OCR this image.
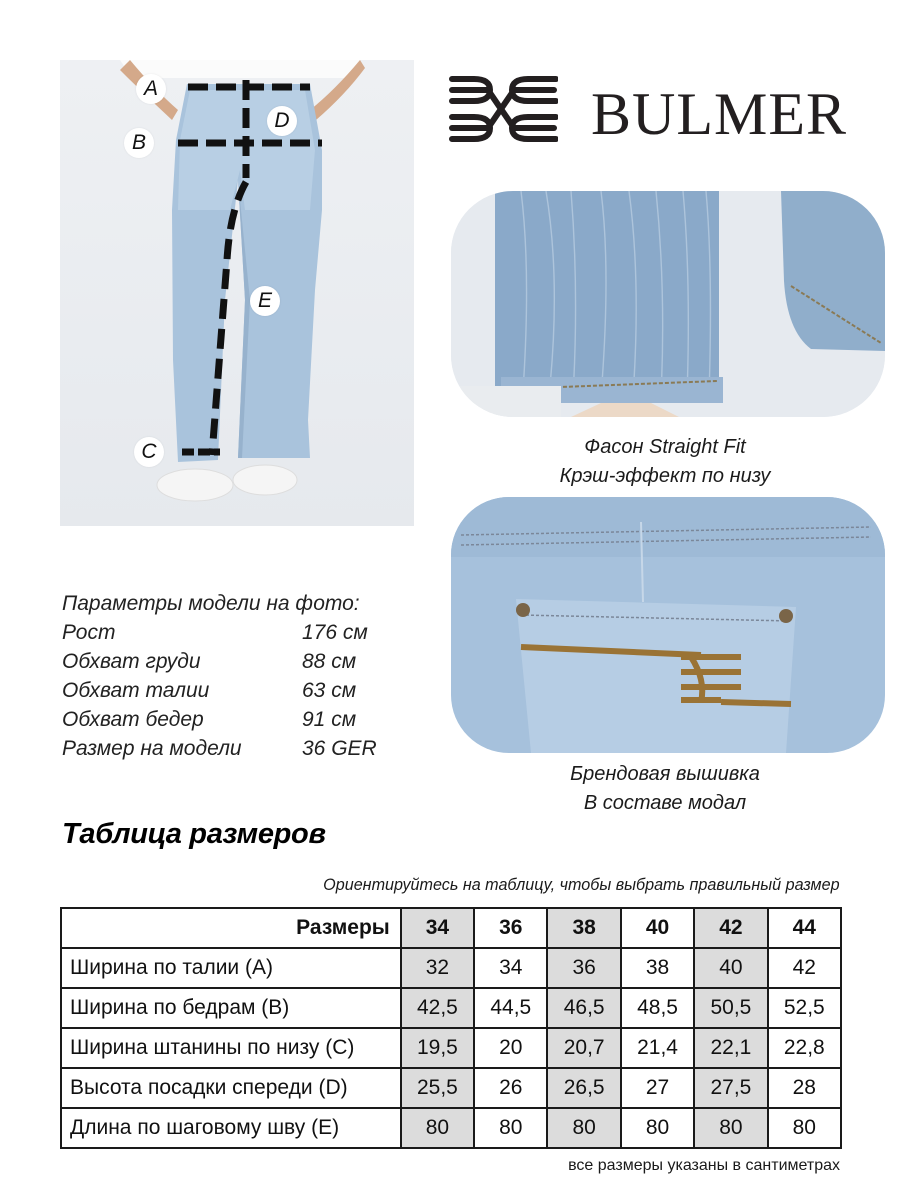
A
B
C
D
E
BULMER
Фасон Straight Fit
Крэш-эффект по низу
Брендовая вышивка
В составе модал
Параметры модели на фото:
Рост	176 см
Обхват груди	88 см
Обхват талии	63 см
Обхват бедер	91 см
Размер на модели	36 GER
Таблица размеров
Ориентируйтесь на таблицу, чтобы выбрать правильный размер
Размеры	34	36	38	40	42	44
Ширина по талии (A)	32	34	36	38	40	42
Ширина по бедрам (B)	42,5	44,5	46,5	48,5	50,5	52,5
Ширина штанины по низу (C)	19,5	20	20,7	21,4	22,1	22,8
Высота посадки спереди (D)	25,5	26	26,5	27	27,5	28
Длина по шаговому шву (E)	80	80	80	80	80	80
все размеры указаны в сантиметрах
